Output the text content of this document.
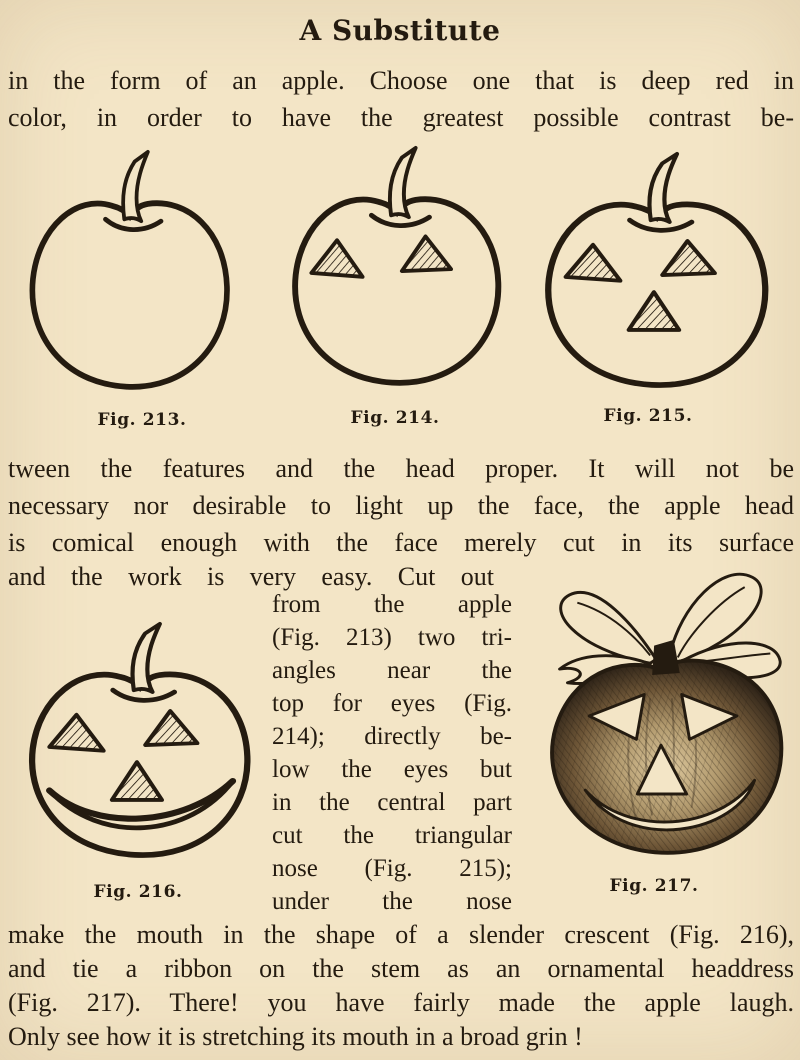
A Substitute
in the form of an apple. Choose one that is deep red in
color, in order to have the greatest possible contrast be-
Fig. 213.	Fig. 214.	Fig. 215.
tween the features and the head proper. It will not be
necessary nor desirable to light up the face, the apple head
is comical enough with the face merely cut in its surface
and the work is very easy. Cut out
from the apple
(Fig. 213) two tri-
angles near the
top for eyes (Fig.
214); directly be-
low the eyes but
in the central part
cut the triangular
nose (Fig. 215);
under the nose
Fig. 216.	Fig. 217.
make the mouth in the shape of a slender crescent (Fig. 216),
and tie a ribbon on the stem as an ornamental headdress
(Fig. 217). There! you have fairly made the apple laugh.
Only see how it is stretching its mouth in a broad grin !
